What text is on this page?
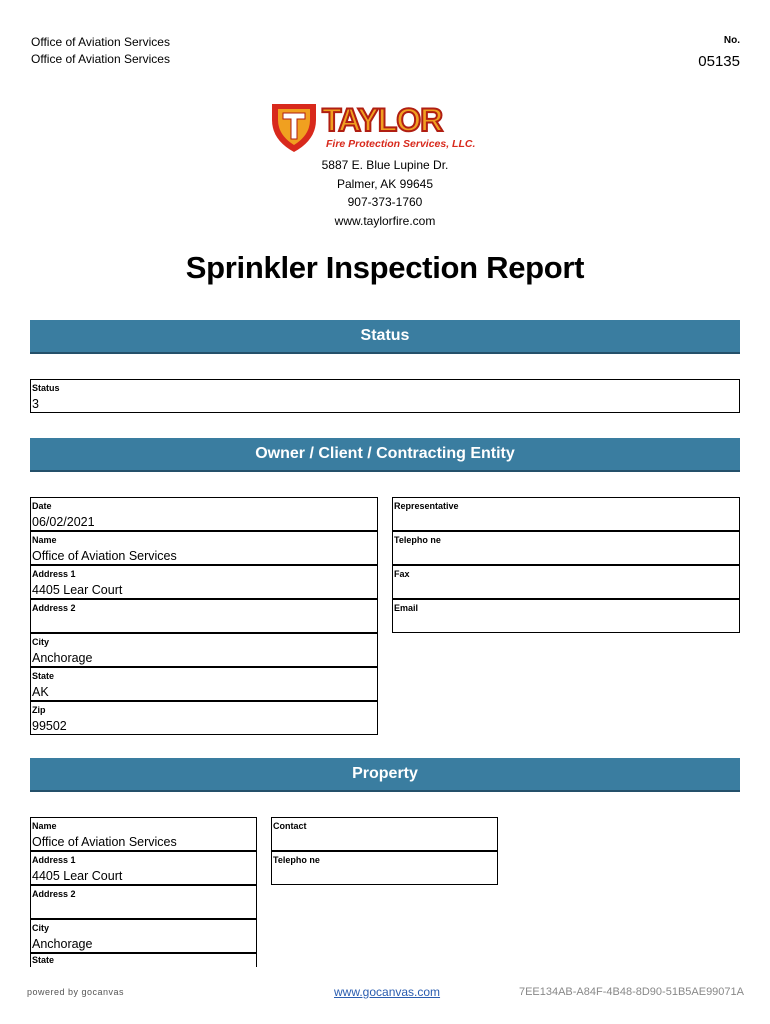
Office of Aviation Services
Office of Aviation Services
No.
05135
TAYLOR
Fire Protection Services, LLC.
5887 E. Blue Lupine Dr.
Palmer, AK 99645
907-373-1760
www.taylorfire.com
Sprinkler Inspection Report
Status
Status
3
Owner / Client / Contracting Entity
Date
06/02/2021
Name
Office of Aviation Services
Address 1
4405 Lear Court
Address 2
City
Anchorage
State
AK
Zip
99502
Representative
Telepho ne
Fax
Email
Property
Name
Office of Aviation Services
Address 1
4405 Lear Court
Address 2
City
Anchorage
State
Contact
Telepho ne
powered by gocanvas	www.gocanvas.com	7EE134AB-A84F-4B48-8D90-51B5AE99071A
